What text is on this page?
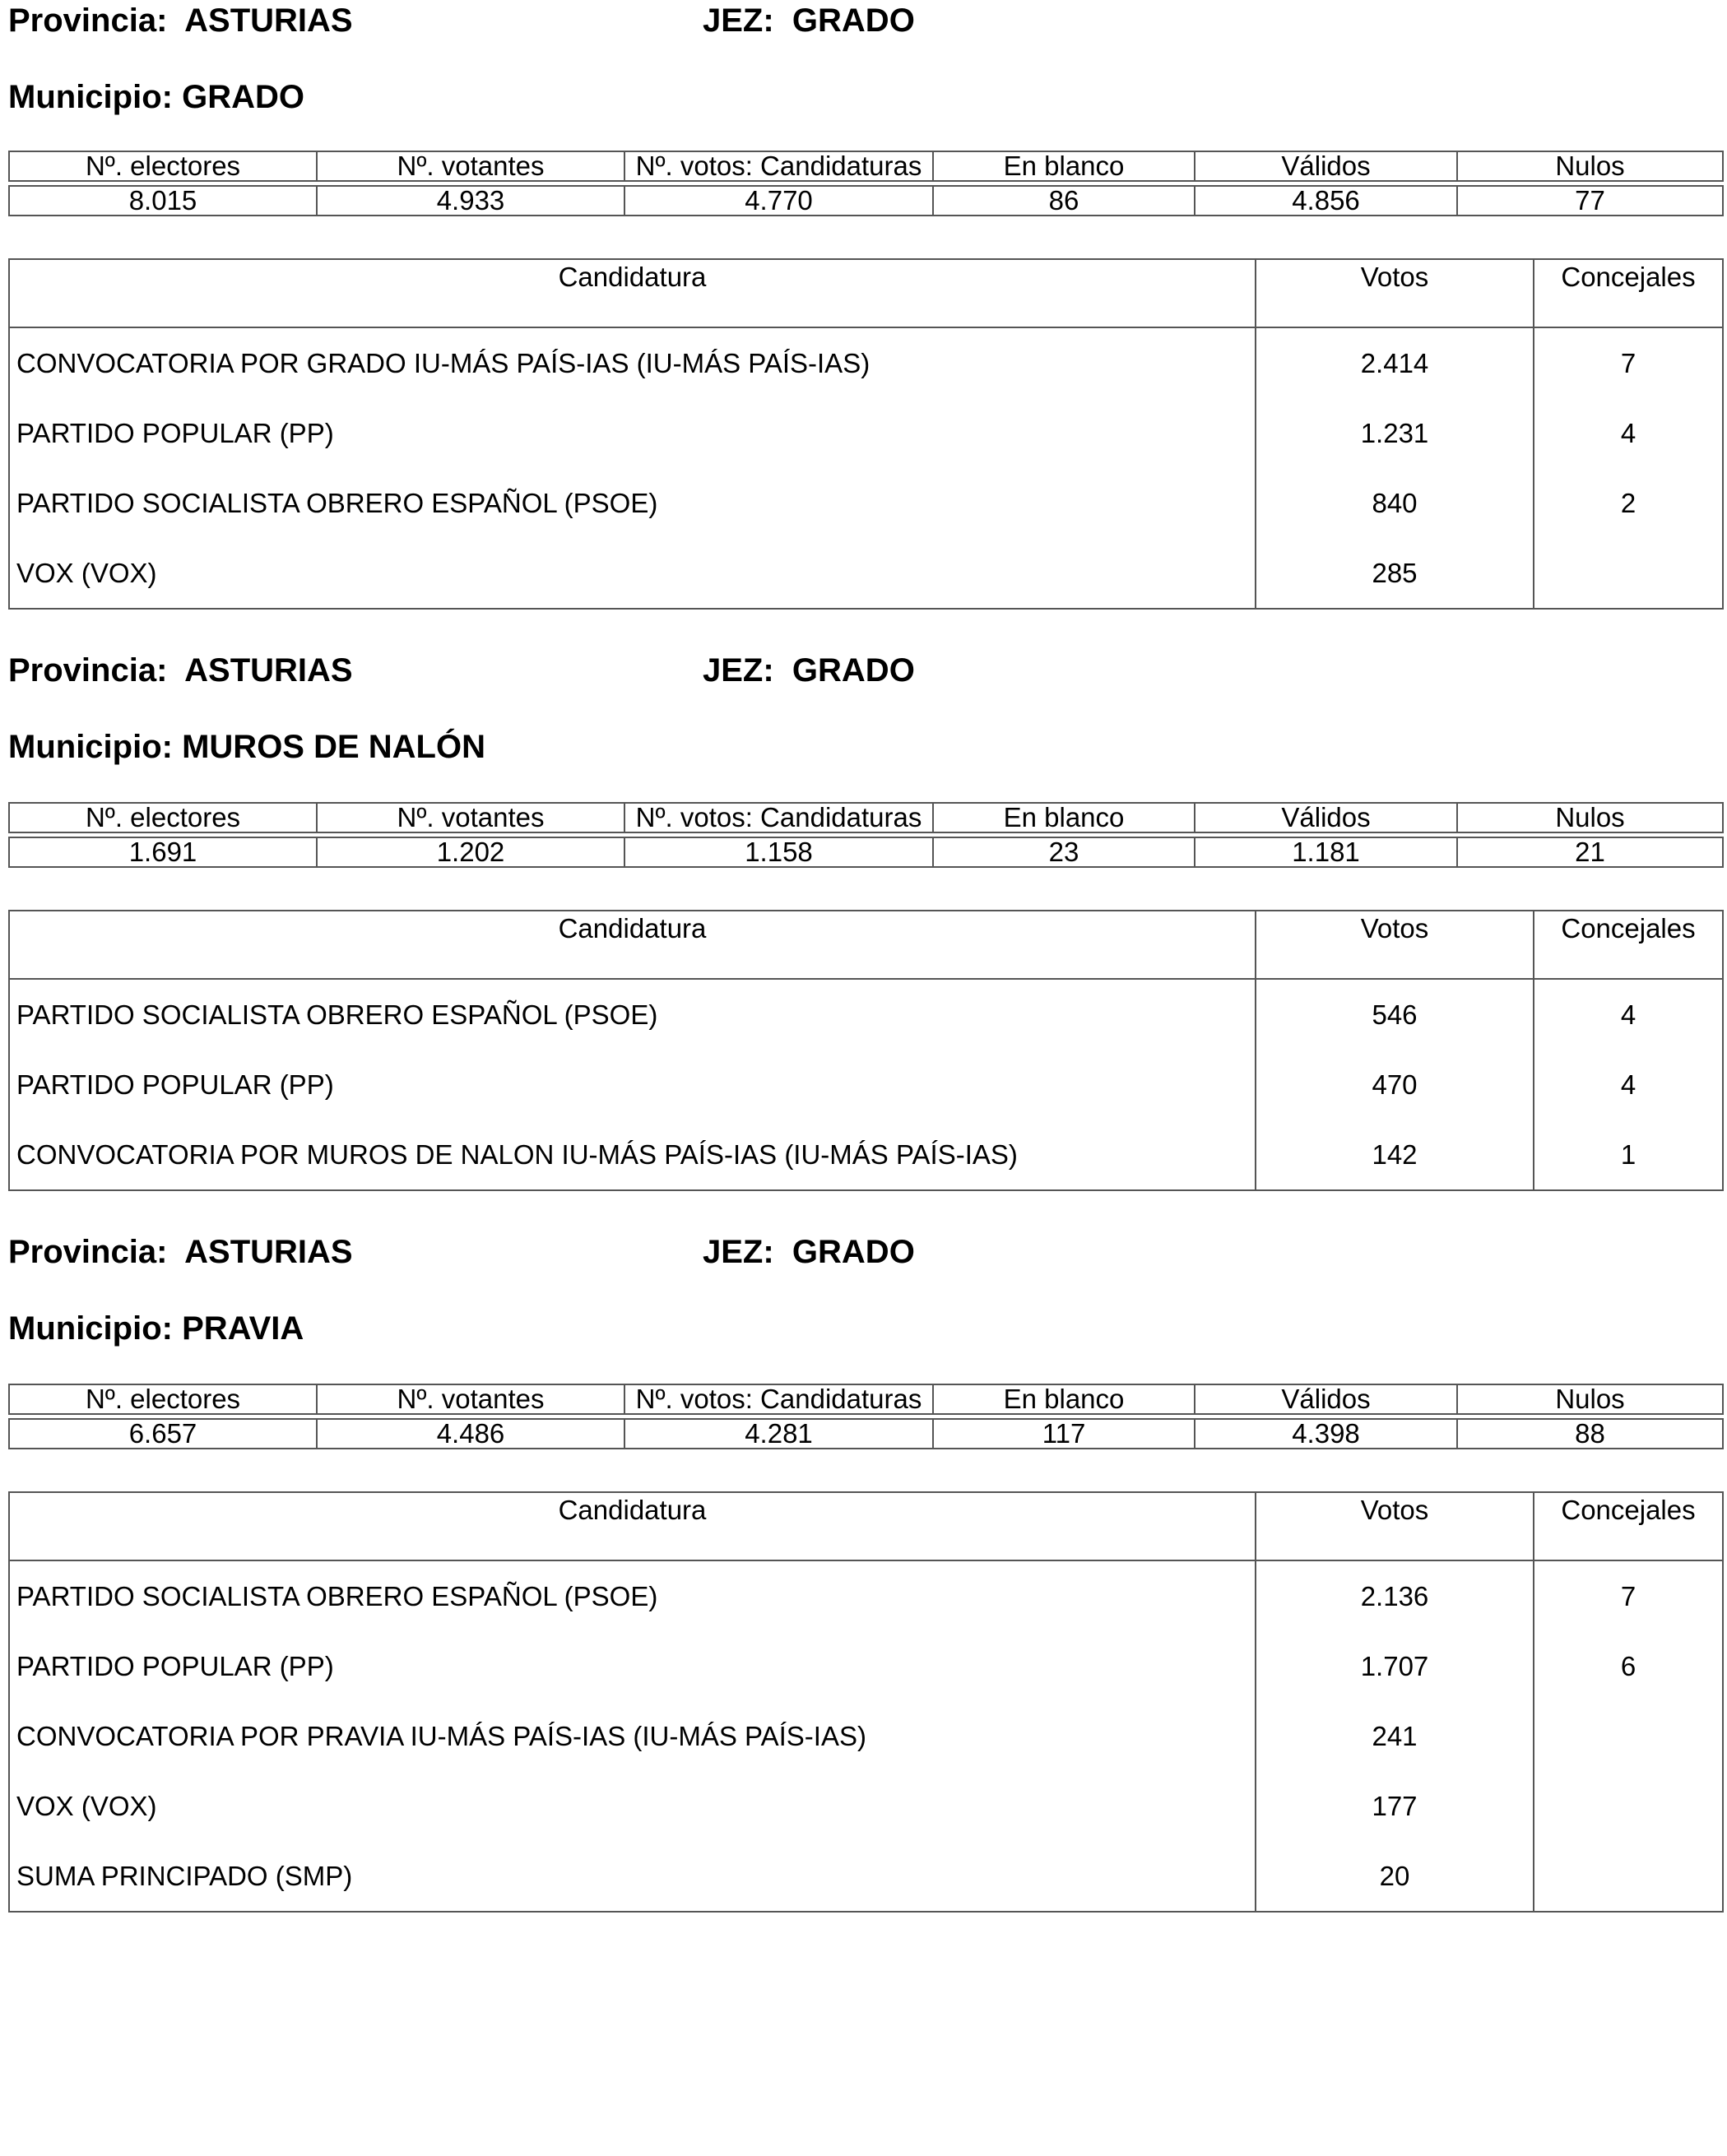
Provincia: ASTURIAS	JEZ: GRADO
Municipio: GRADO
Nº. electores	Nº. votantes	Nº. votos: Candidaturas	En blanco	Válidos	Nulos

8.015	4.933	4.770	86	4.856	77
Candidatura	Votos	Concejales
CONVOCATORIA POR GRADO IU-MÁS PAÍS-IAS (IU-MÁS PAÍS-IAS)	2.414	7
PARTIDO POPULAR (PP)	1.231	4
PARTIDO SOCIALISTA OBRERO ESPAÑOL (PSOE)	840	2
VOX (VOX)	285	
Provincia: ASTURIAS	JEZ: GRADO
Municipio: MUROS DE NALÓN
Nº. electores	Nº. votantes	Nº. votos: Candidaturas	En blanco	Válidos	Nulos

1.691	1.202	1.158	23	1.181	21
Candidatura	Votos	Concejales
PARTIDO SOCIALISTA OBRERO ESPAÑOL (PSOE)	546	4
PARTIDO POPULAR (PP)	470	4
CONVOCATORIA POR MUROS DE NALON IU-MÁS PAÍS-IAS (IU-MÁS PAÍS-IAS)	142	1
Provincia: ASTURIAS	JEZ: GRADO
Municipio: PRAVIA
Nº. electores	Nº. votantes	Nº. votos: Candidaturas	En blanco	Válidos	Nulos

6.657	4.486	4.281	117	4.398	88
Candidatura	Votos	Concejales
PARTIDO SOCIALISTA OBRERO ESPAÑOL (PSOE)	2.136	7
PARTIDO POPULAR (PP)	1.707	6
CONVOCATORIA POR PRAVIA IU-MÁS PAÍS-IAS (IU-MÁS PAÍS-IAS)	241	
VOX (VOX)	177	
SUMA PRINCIPADO (SMP)	20	
